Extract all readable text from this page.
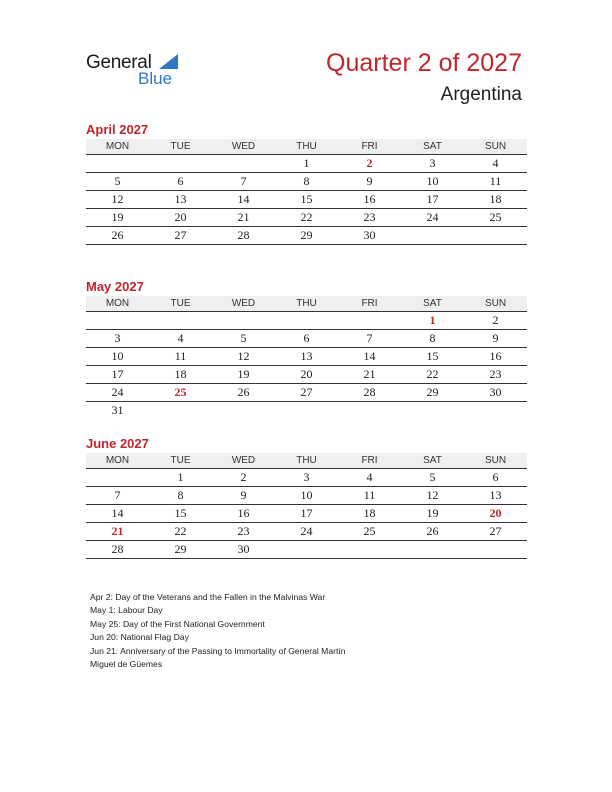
General
Blue
Quarter 2 of 2027
Argentina
April 2027
MON	TUE	WED	THU	FRI	SAT	SUN
			1	2	3	4
5	6	7	8	9	10	11
12	13	14	15	16	17	18
19	20	21	22	23	24	25
26	27	28	29	30		
May 2027
MON	TUE	WED	THU	FRI	SAT	SUN
					1	2
3	4	5	6	7	8	9
10	11	12	13	14	15	16
17	18	19	20	21	22	23
24	25	26	27	28	29	30
31						
June 2027
MON	TUE	WED	THU	FRI	SAT	SUN
	1	2	3	4	5	6
7	8	9	10	11	12	13
14	15	16	17	18	19	20
21	22	23	24	25	26	27
28	29	30				
Apr 2: Day of the Veterans and the Fallen in the Malvinas War
May 1: Labour Day
May 25: Day of the First National Government
Jun 20: National Flag Day
Jun 21: Anniversary of the Passing to Immortality of General Martín
Miguel de Güemes
